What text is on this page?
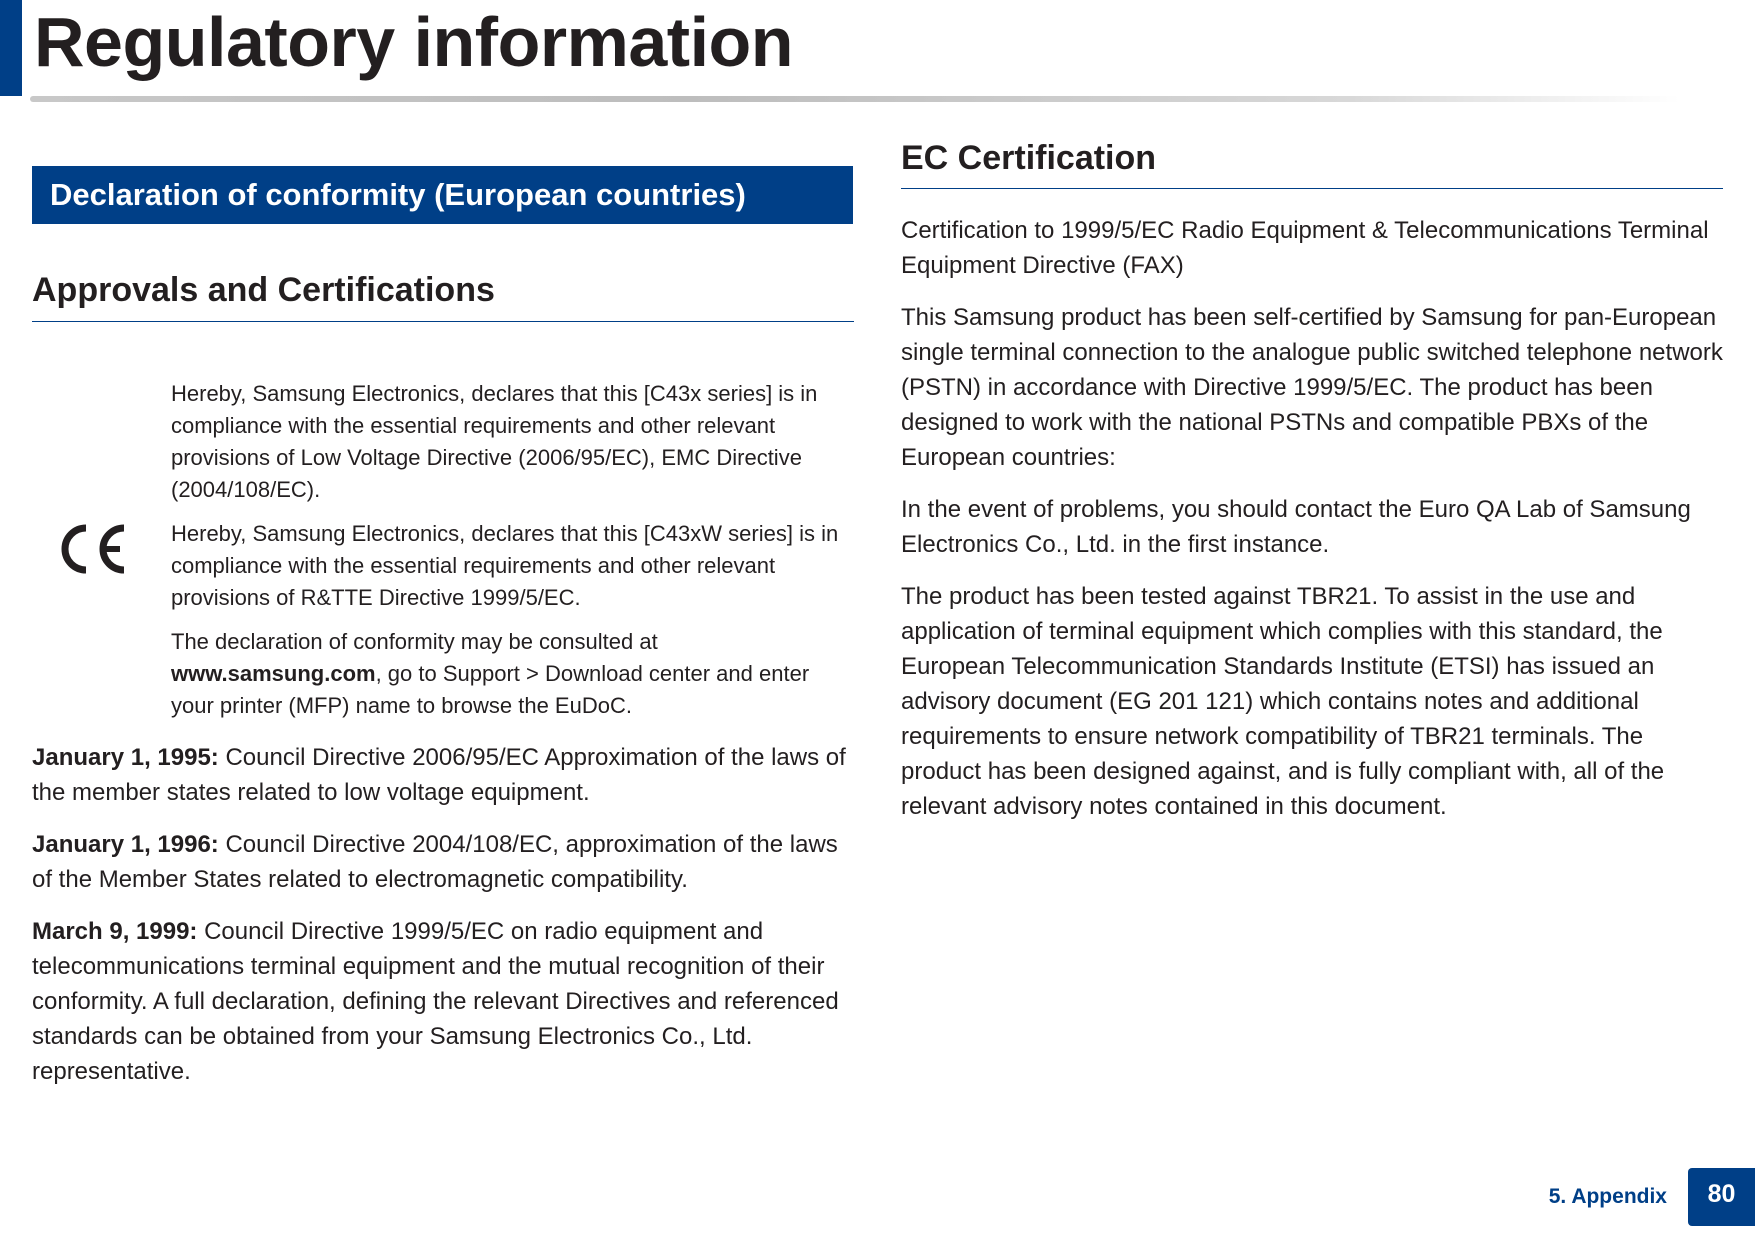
Regulatory information
Declaration of conformity (European countries)
Approvals and Certifications

Hereby, Samsung Electronics, declares that this [C43x series] is in compliance with the essential requirements and other relevant provisions of Low Voltage Directive (2006/95/EC), EMC Directive (2004/108/EC).

Hereby, Samsung Electronics, declares that this [C43xW series] is in compliance with the essential requirements and other relevant provisions of R&TTE Directive 1999/5/EC.

The declaration of conformity may be consulted at
www.samsung.com, go to Support > Download center and enter your printer (MFP) name to browse the EuDoC.

January 1, 1995: Council Directive 2006/95/EC Approximation of the laws of the member states related to low voltage equipment.

January 1, 1996: Council Directive 2004/108/EC, approximation of the laws of the Member States related to electromagnetic compatibility.

March 9, 1999: Council Directive 1999/5/EC on radio equipment and telecommunications terminal equipment and the mutual recognition of their conformity. A full declaration, defining the relevant Directives and referenced standards can be obtained from your Samsung Electronics Co., Ltd. representative.

EC Certification

Certification to 1999/5/EC Radio Equipment & Telecommunications Terminal Equipment Directive (FAX)

This Samsung product has been self-certified by Samsung for pan-European single terminal connection to the analogue public switched telephone network (PSTN) in accordance with Directive 1999/5/EC. The product has been designed to work with the national PSTNs and compatible PBXs of the European countries:

In the event of problems, you should contact the Euro QA Lab of Samsung Electronics Co., Ltd. in the first instance.

The product has been tested against TBR21. To assist in the use and application of terminal equipment which complies with this standard, the European Telecommunication Standards Institute (ETSI) has issued an advisory document (EG 201 121) which contains notes and additional requirements to ensure network compatibility of TBR21 terminals. The product has been designed against, and is fully compliant with, all of the relevant advisory notes contained in this document.

5. Appendix	80
